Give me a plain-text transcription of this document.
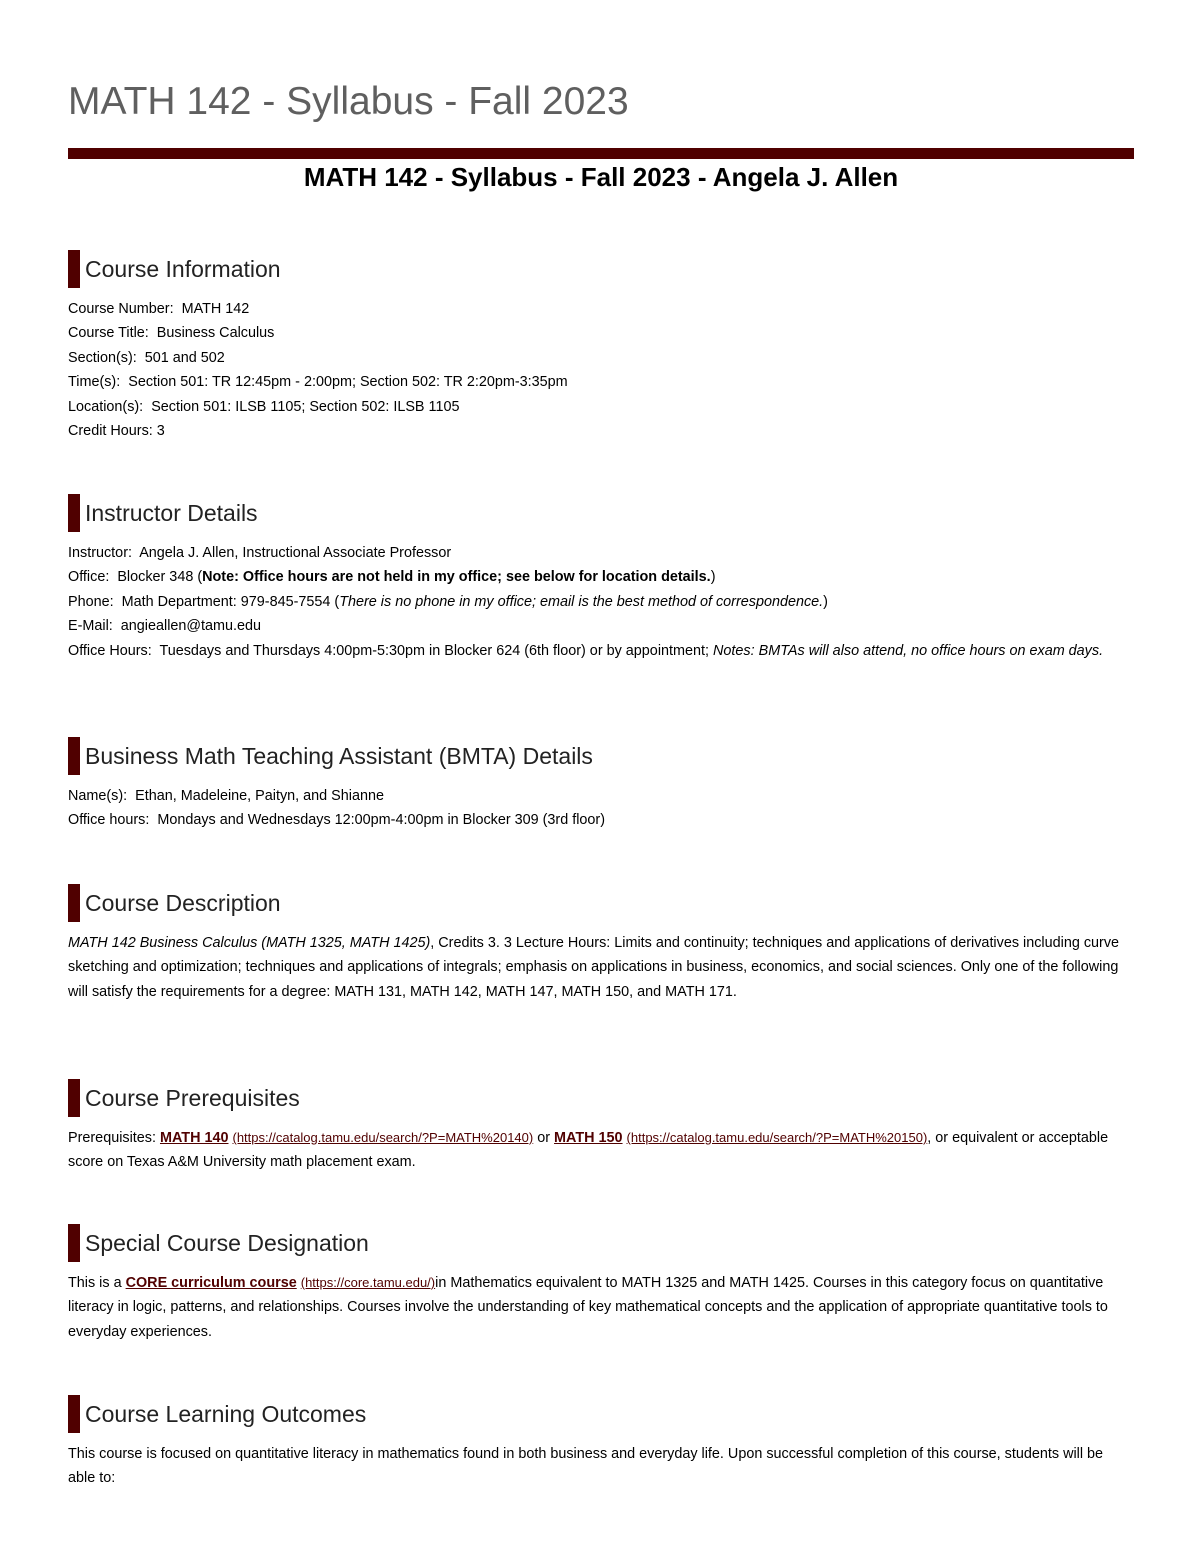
MATH 142 - Syllabus - Fall 2023
MATH 142 - Syllabus - Fall 2023 - Angela J. Allen
Course Information
Course Number: MATH 142
Course Title: Business Calculus
Section(s): 501 and 502
Time(s): Section 501: TR 12:45pm - 2:00pm; Section 502: TR 2:20pm-3:35pm
Location(s): Section 501: ILSB 1105; Section 502: ILSB 1105
Credit Hours: 3
Instructor Details
Instructor: Angela J. Allen, Instructional Associate Professor
Office: Blocker 348 (Note: Office hours are not held in my office; see below for location details.)
Phone: Math Department: 979-845-7554 (There is no phone in my office; email is the best method of correspondence.)
E-Mail: angieallen@tamu.edu
Office Hours: Tuesdays and Thursdays 4:00pm-5:30pm in Blocker 624 (6th floor) or by appointment; Notes: BMTAs will also attend, no office hours on exam days.
Business Math Teaching Assistant (BMTA) Details
Name(s): Ethan, Madeleine, Paityn, and Shianne
Office hours: Mondays and Wednesdays 12:00pm-4:00pm in Blocker 309 (3rd floor)
Course Description
MATH 142 Business Calculus (MATH 1325, MATH 1425), Credits 3. 3 Lecture Hours: Limits and continuity; techniques and applications of derivatives including curve sketching and optimization; techniques and applications of integrals; emphasis on applications in business, economics, and social sciences. Only one of the following will satisfy the requirements for a degree: MATH 131, MATH 142, MATH 147, MATH 150, and MATH 171.
Course Prerequisites
Prerequisites: MATH 140 (https://catalog.tamu.edu/search/?P=MATH%20140) or MATH 150 (https://catalog.tamu.edu/search/?P=MATH%20150), or equivalent or acceptable score on Texas A&M University math placement exam.
Special Course Designation
This is a CORE curriculum course (https://core.tamu.edu/)in Mathematics equivalent to MATH 1325 and MATH 1425. Courses in this category focus on quantitative literacy in logic, patterns, and relationships. Courses involve the understanding of key mathematical concepts and the application of appropriate quantitative tools to everyday experiences.
Course Learning Outcomes
This course is focused on quantitative literacy in mathematics found in both business and everyday life. Upon successful completion of this course, students will be able to:
